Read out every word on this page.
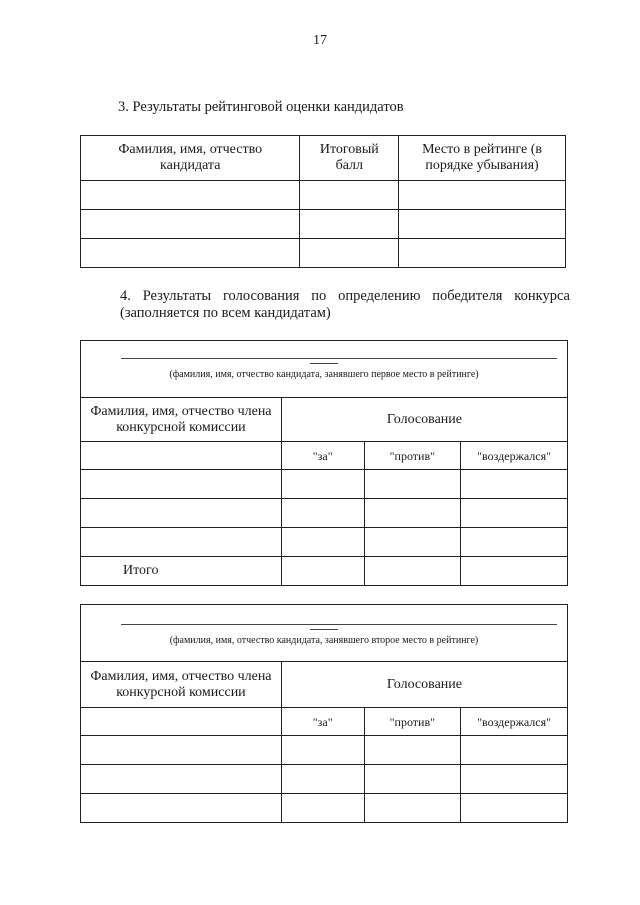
17
3. Результаты рейтинговой оценки кандидатов
Фамилия, имя, отчество кандидата	Итоговый балл	Место в рейтинге (в порядке убывания)

4. Результаты голосования по определению победителя конкурса
(заполняется по всем кандидатам)
(фамилия, имя, отчество кандидата, занявшего первое место в рейтинге)			

Фамилия, имя, отчество члена конкурсной комиссии	Голосование		
	"за"	"против"	"воздержался"

Итого			
(фамилия, имя, отчество кандидата, занявшего второе место в рейтинге)			

Фамилия, имя, отчество члена конкурсной комиссии	Голосование		
	"за"	"против"	"воздержался"
